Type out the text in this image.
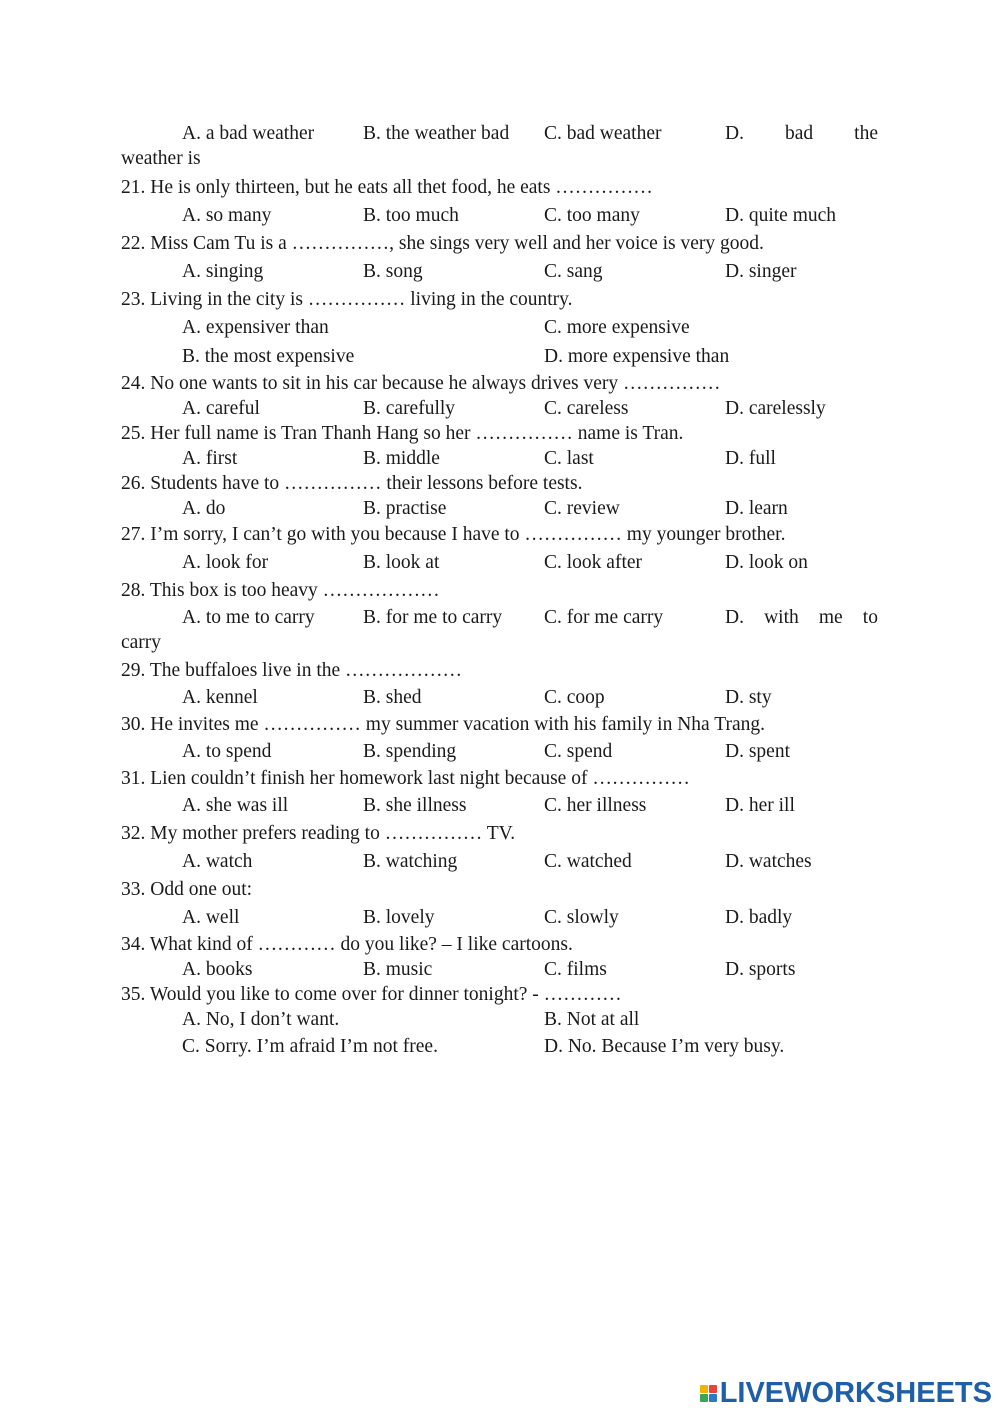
A. a bad weather	B. the weather bad C. bad weather	D. bad the
weather is
21. He is only thirteen, but he eats all thet food, he eats ……………
A. so many	B. too much	C. too many	D. quite much
22. Miss Cam Tu is a ……………, she sings very well and her voice is very good.
A. singing	B. song	C. sang	D. singer
23. Living in the city is …………… living in the country.
A. expensiver than	C. more expensive
B. the most expensive	D. more expensive than
24. No one wants to sit in his car because he always drives very ……………
A. careful	B. carefully	C. careless	D. carelessly
25. Her full name is Tran Thanh Hang so her …………… name is Tran.
A. first	B. middle	C. last	D. full
26. Students have to …………… their lessons before tests.
A. do	B. practise	C. review	D. learn
27. I’m sorry, I can’t go with you because I have to …………… my younger brother.
A. look for	B. look at	C. look after	D. look on
28. This box is too heavy ………………
A. to me to carry B. for me to carry C. for me carry	D. with me to
carry
29. The buffaloes live in the ………………
A. kennel	B. shed	C. coop	D. sty
30. He invites me …………… my summer vacation with his family in Nha Trang.
A. to spend	B. spending	C. spend	D. spent
31. Lien couldn’t finish her homework last night because of ……………
A. she was ill	B. she illness	C. her illness	D. her ill
32. My mother prefers reading to …………… TV.
A. watch	B. watching	C. watched	D. watches
33. Odd one out:
A. well	B. lovely	C. slowly	D. badly
34. What kind of ………… do you like? – I like cartoons.
A. books	B. music	C. films	D. sports
35. Would you like to come over for dinner tonight? - …………
A. No, I don’t want.	B. Not at all
C. Sorry. I’m afraid I’m not free.	D. No. Because I’m very busy.
LIVEWORKSHEETS
